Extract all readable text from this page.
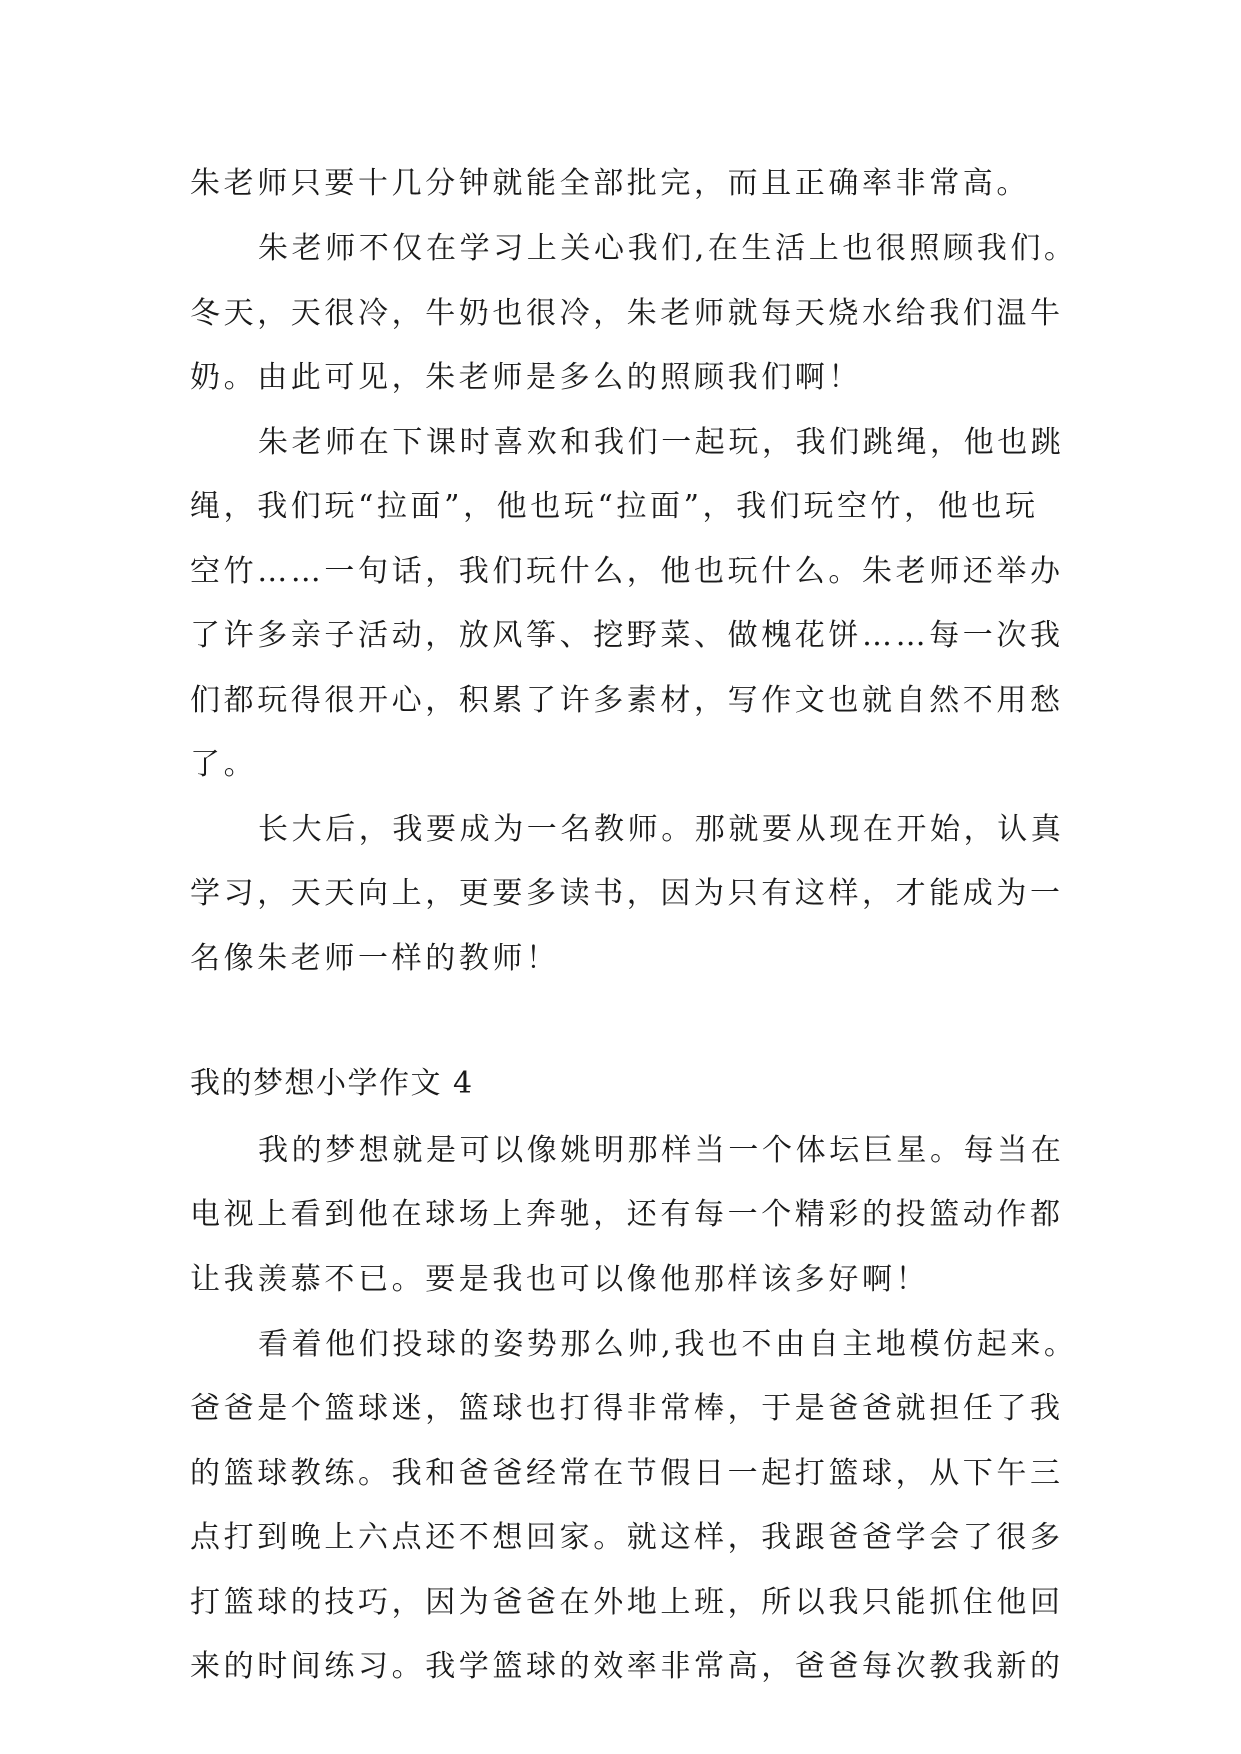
朱老师只要十几分钟就能全部批完，而且正确率非常高。
朱老师不仅在学习上关心我们,在生活上也很照顾我们。
冬天，天很冷，牛奶也很冷，朱老师就每天烧水给我们温牛
奶。由此可见，朱老师是多么的照顾我们啊！
朱老师在下课时喜欢和我们一起玩，我们跳绳，他也跳
绳，我们玩“拉面”，他也玩“拉面”，我们玩空竹，他也玩
空竹……一句话，我们玩什么，他也玩什么。朱老师还举办
了许多亲子活动，放风筝、挖野菜、做槐花饼……每一次我
们都玩得很开心，积累了许多素材，写作文也就自然不用愁
了。
长大后，我要成为一名教师。那就要从现在开始，认真
学习，天天向上，更要多读书，因为只有这样，才能成为一
名像朱老师一样的教师！
我的梦想小学作文 4
我的梦想就是可以像姚明那样当一个体坛巨星。每当在
电视上看到他在球场上奔驰，还有每一个精彩的投篮动作都
让我羡慕不已。要是我也可以像他那样该多好啊！
看着他们投球的姿势那么帅,我也不由自主地模仿起来。
爸爸是个篮球迷，篮球也打得非常棒，于是爸爸就担任了我
的篮球教练。我和爸爸经常在节假日一起打篮球，从下午三
点打到晚上六点还不想回家。就这样，我跟爸爸学会了很多
打篮球的技巧，因为爸爸在外地上班，所以我只能抓住他回
来的时间练习。我学篮球的效率非常高，爸爸每次教我新的
